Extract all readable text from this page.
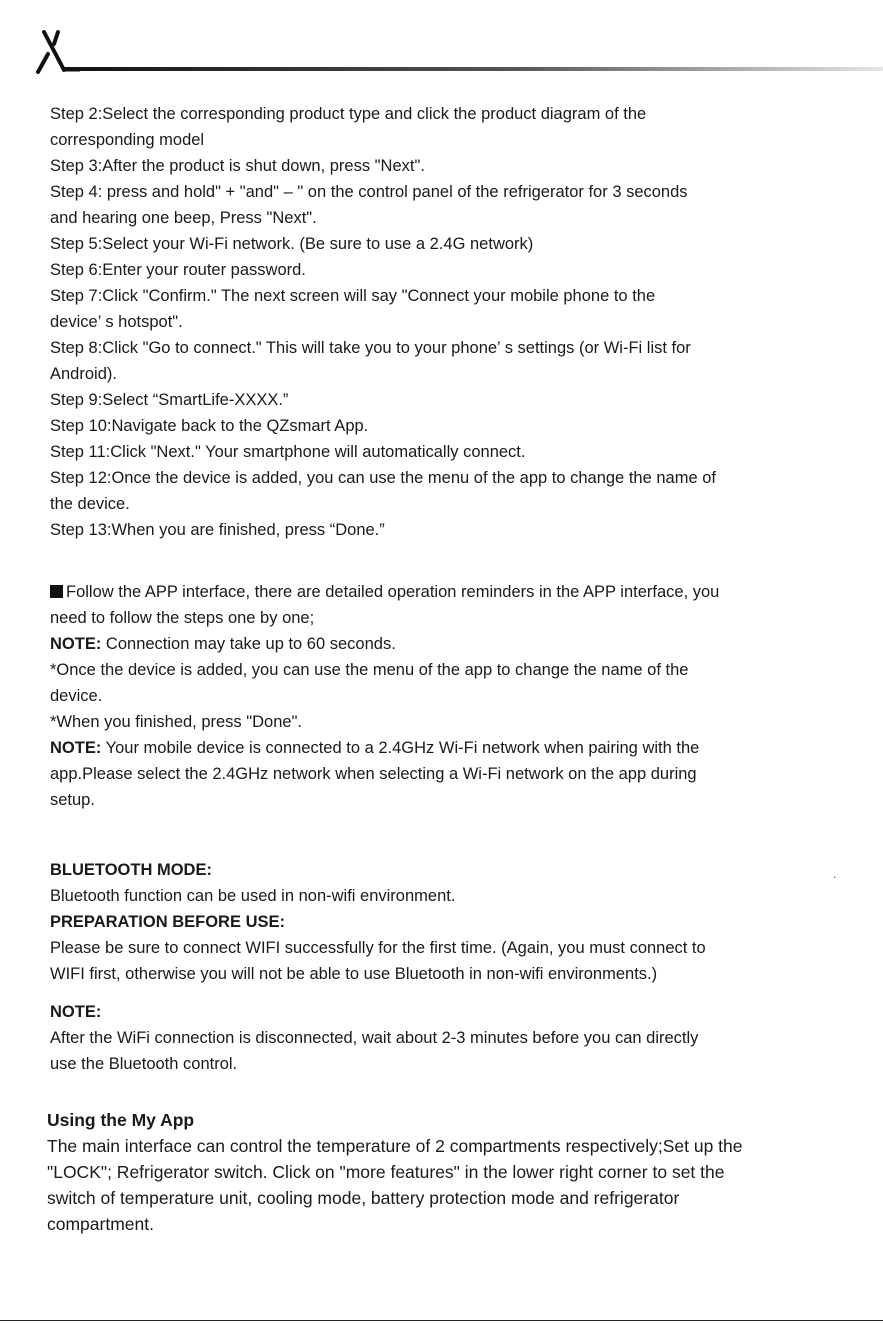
Step 2:Select the corresponding product type and click the product diagram of the
corresponding model
Step 3:After the product is shut down, press "Next".
Step 4: press and hold" + "and" – " on the control panel of the refrigerator for 3 seconds
and hearing one beep, Press "Next".
Step 5:Select your Wi-Fi network. (Be sure to use a 2.4G network)
Step 6:Enter your router password.
Step 7:Click "Confirm." The next screen will say "Connect your mobile phone to the
device’ s hotspot".
Step 8:Click "Go to connect." This will take you to your phone’ s settings (or Wi-Fi list for
Android).
Step 9:Select “SmartLife-XXXX.”
Step 10:Navigate back to the QZsmart App.
Step 11:Click "Next." Your smartphone will automatically connect.
Step 12:Once the device is added, you can use the menu of the app to change the name of
the device.
Step 13:When you are finished, press “Done.”
Follow the APP interface, there are detailed operation reminders in the APP interface, you
need to follow the steps one by one;
NOTE: Connection may take up to 60 seconds.
*Once the device is added, you can use the menu of the app to change the name of the
device.
*When you finished, press "Done".
NOTE: Your mobile device is connected to a 2.4GHz Wi-Fi network when pairing with the
app.Please select the 2.4GHz network when selecting a Wi-Fi network on the app during
setup.
BLUETOOTH MODE:
Bluetooth function can be used in non-wifi environment.
PREPARATION BEFORE USE:
Please be sure to connect WIFI successfully for the first time. (Again, you must connect to
WIFI first, otherwise you will not be able to use Bluetooth in non-wifi environments.)
NOTE:
After the WiFi connection is disconnected, wait about 2-3 minutes before you can directly
use the Bluetooth control.
Using the My App
The main interface can control the temperature of 2 compartments respectively;Set up the
"LOCK"; Refrigerator switch. Click on "more features" in the lower right corner to set the
switch of temperature unit, cooling mode, battery protection mode and refrigerator
compartment.
.
